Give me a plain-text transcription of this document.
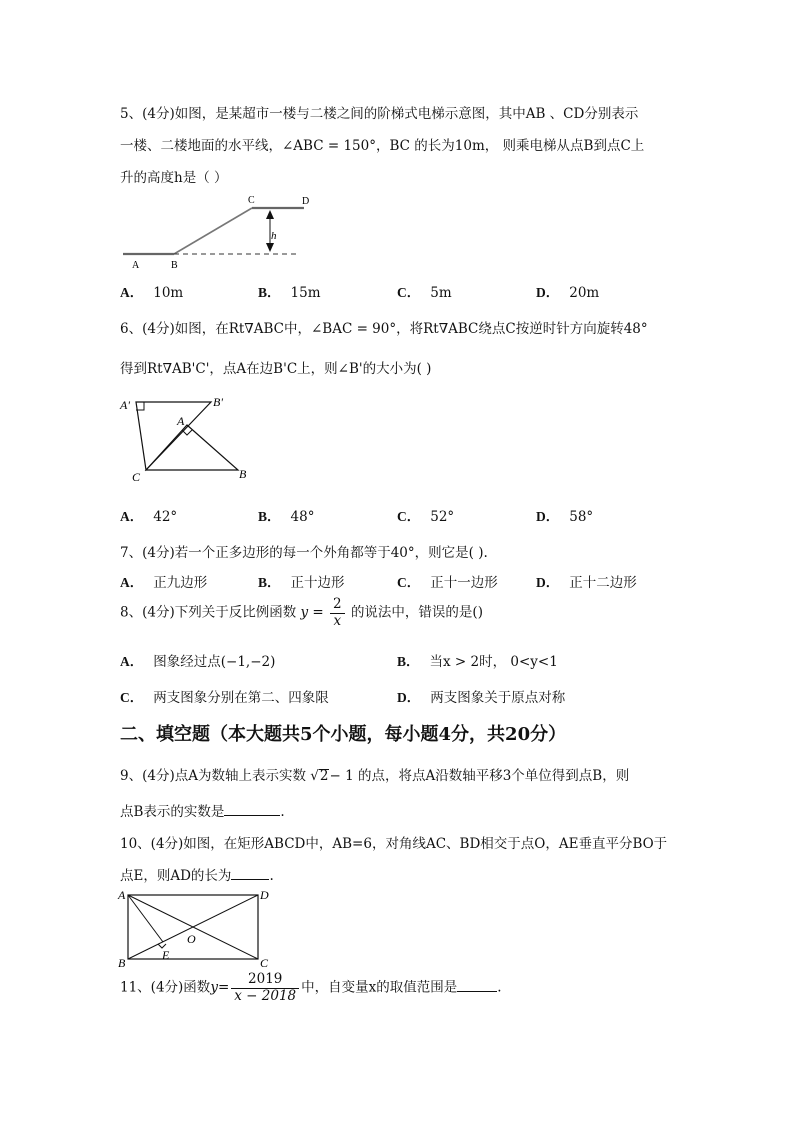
5、(4分)如图，是某超市一楼与二楼之间的阶梯式电梯示意图，其中AB 、CD分别表示
一楼、二楼地面的水平线，∠ABC = 150°，BC 的长为10m， 则乘电梯从点B到点C上
升的高度h是（ ）
A	B
C	D
h
A． 10m	B． 15m	C． 5m	D． 20m
6、(4分)如图，在Rt∇ABC中，∠BAC = 90°，将Rt∇ABC绕点C按逆时针方向旋转48°
得到Rt∇AB'C'，点A在边B'C上，则∠B'的大小为( )
A'	B'
A
B
C
A． 42°	B． 48°	C． 52°	D． 58°
7、(4分)若一个正多边形的每一个外角都等于40°，则它是( ).
A． 正九边形	B． 正十边形	C． 正十一边形	D． 正十二边形
8、(4分)下列关于反比例函数 $y = \frac{2}{x}$ 的说法中，错误的是()
A． 图象经过点(−1,−2)	B． 当x > 2时， 0<y<1
C． 两支图象分别在第二、四象限	D． 两支图象关于原点对称
二、填空题（本大题共5个小题，每小题4分，共20分）
9、(4分)点A为数轴上表示实数 √2− 1 的点，将点A沿数轴平移3个单位得到点B，则
点B表示的实数是	.
10、(4分)如图，在矩形ABCD中，AB=6，对角线AC、BD相交于点O，AE垂直平分BO于
点E，则AD的长为	.
A	D
B	C
E
O
11、(4分)函数$y= \frac{2019}{x - 2018}$ 中，自变量x的取值范围是	.
